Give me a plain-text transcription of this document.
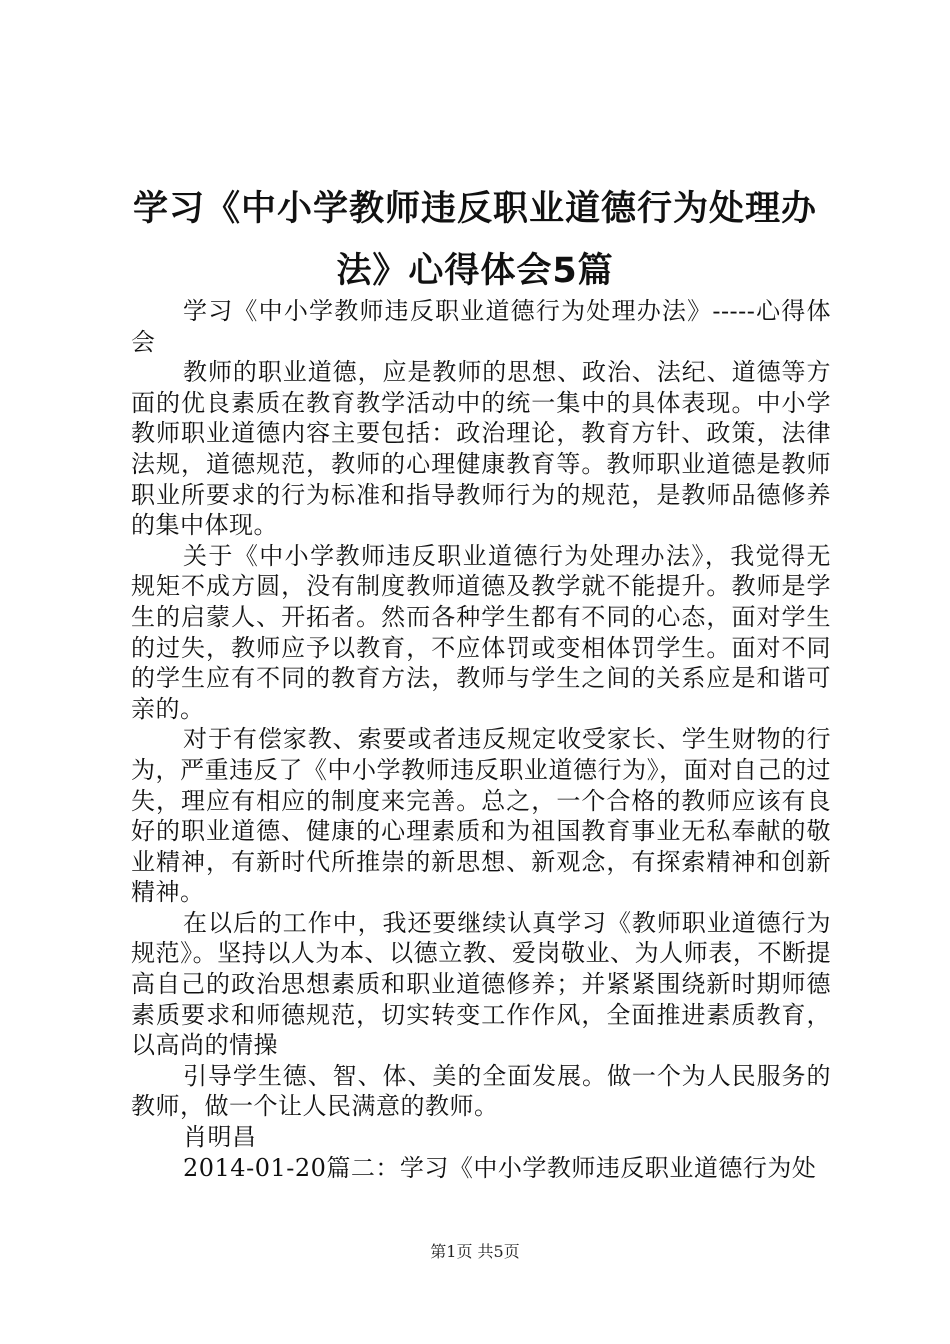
学习《中小学教师违反职业道德行为处理办
法》心得体会5篇

学习《中小学教师违反职业道德行为处理办法》-----心得体会

教师的职业道德，应是教师的思想、政治、法纪、道德等方面的优良素质在教育教学活动中的统一集中的具体表现。中小学教师职业道德内容主要包括：政治理论，教育方针、政策，法律法规，道德规范，教师的心理健康教育等。教师职业道德是教师职业所要求的行为标准和指导教师行为的规范，是教师品德修养的集中体现。

关于《中小学教师违反职业道德行为处理办法》，我觉得无规矩不成方圆，没有制度教师道德及教学就不能提升。教师是学生的启蒙人、开拓者。然而各种学生都有不同的心态，面对学生的过失，教师应予以教育，不应体罚或变相体罚学生。面对不同的学生应有不同的教育方法，教师与学生之间的关系应是和谐可亲的。

对于有偿家教、索要或者违反规定收受家长、学生财物的行为，严重违反了《中小学教师违反职业道德行为》，面对自己的过失，理应有相应的制度来完善。总之，一个合格的教师应该有良好的职业道德、健康的心理素质和为祖国教育事业无私奉献的敬业精神，有新时代所推崇的新思想、新观念，有探索精神和创新精神。

在以后的工作中，我还要继续认真学习《教师职业道德行为规范》。坚持以人为本、以德立教、爱岗敬业、为人师表，不断提高自己的政治思想素质和职业道德修养；并紧紧围绕新时期师德素质要求和师德规范，切实转变工作作风，全面推进素质教育，以高尚的情操

引导学生德、智、体、美的全面发展。做一个为人民服务的教师，做一个让人民满意的教师。

肖明昌

2014-01-20篇二：学习《中小学教师违反职业道德行为处

第1页 共5页
